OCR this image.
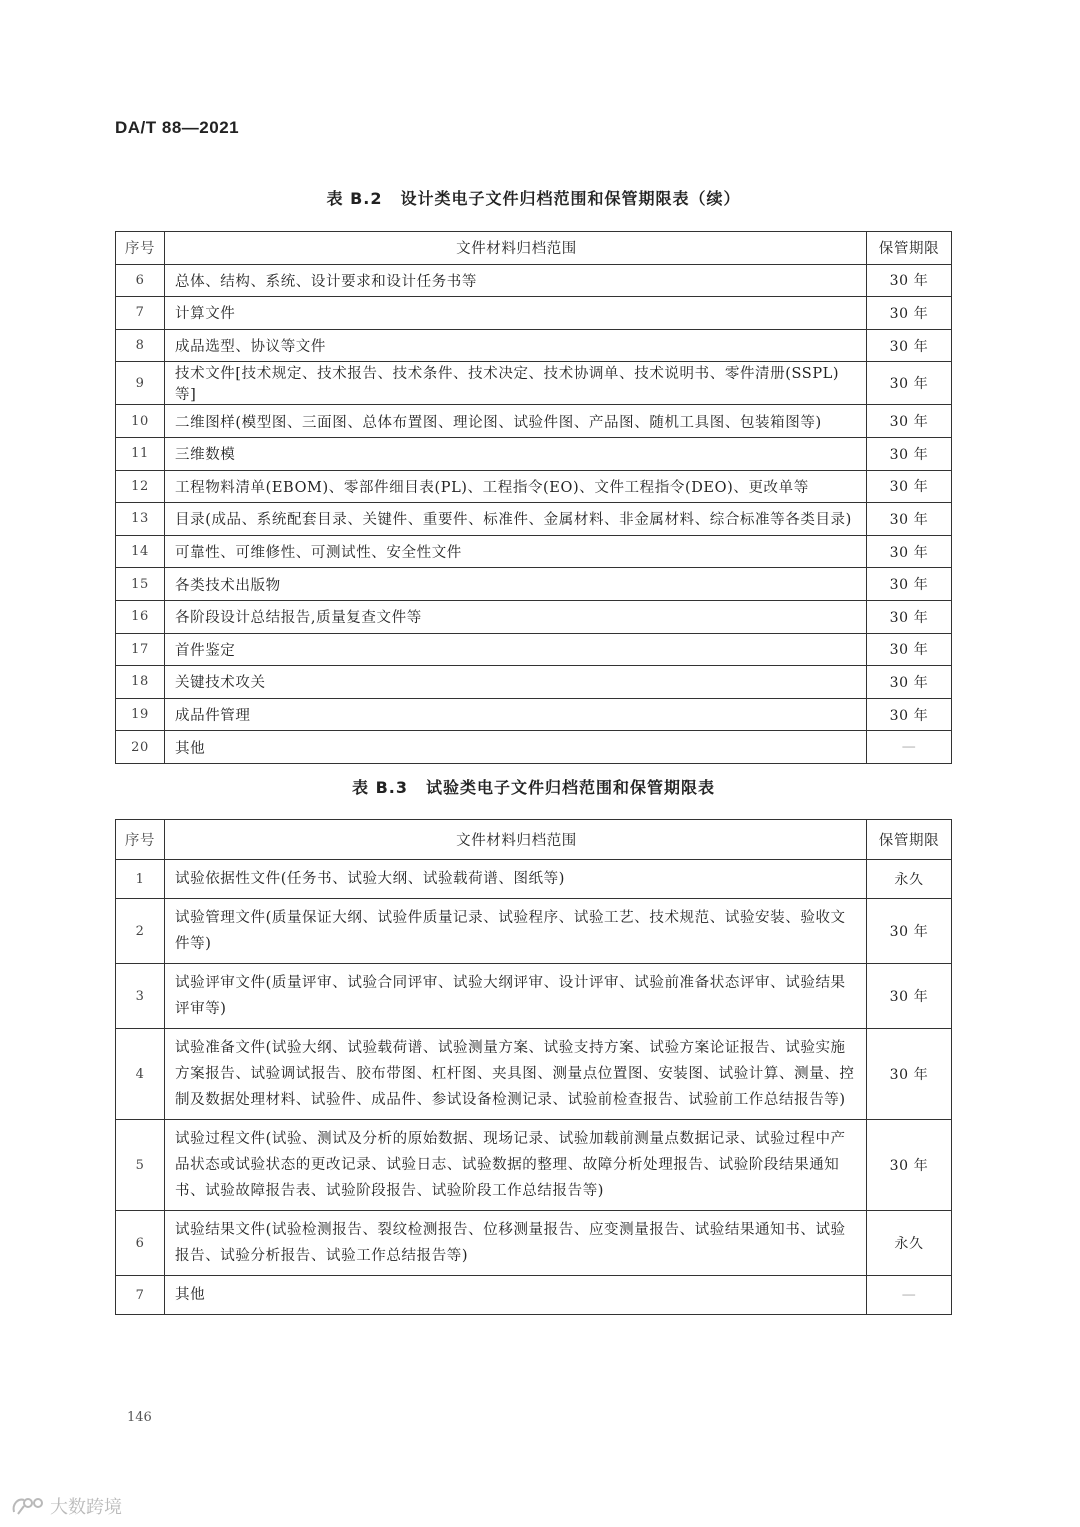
DA/T 88—2021
表 B.2 设计类电子文件归档范围和保管期限表（续）
序号	文件材料归档范围	保管期限
6	总体、结构、系统、设计要求和设计任务书等	30 年
7	计算文件	30 年
8	成品选型、协议等文件	30 年
9	技术文件[技术规定、技术报告、技术条件、技术决定、技术协调单、技术说明书、零件清册(SSPL)等]	30 年
10	二维图样(模型图、三面图、总体布置图、理论图、试验件图、产品图、随机工具图、包装箱图等)	30 年
11	三维数模	30 年
12	工程物料清单(EBOM)、零部件细目表(PL)、工程指令(EO)、文件工程指令(DEO)、更改单等	30 年
13	目录(成品、系统配套目录、关键件、重要件、标准件、金属材料、非金属材料、综合标准等各类目录)	30 年
14	可靠性、可维修性、可测试性、安全性文件	30 年
15	各类技术出版物	30 年
16	各阶段设计总结报告,质量复查文件等	30 年
17	首件鉴定	30 年
18	关键技术攻关	30 年
19	成品件管理	30 年
20	其他	—
表 B.3 试验类电子文件归档范围和保管期限表
序号	文件材料归档范围	保管期限
1	试验依据性文件(任务书、试验大纲、试验载荷谱、图纸等)	永久
2	试验管理文件(质量保证大纲、试验件质量记录、试验程序、试验工艺、技术规范、试验安装、验收文件等)	30 年
3	试验评审文件(质量评审、试验合同评审、试验大纲评审、设计评审、试验前准备状态评审、试验结果评审等)	30 年
4	试验准备文件(试验大纲、试验载荷谱、试验测量方案、试验支持方案、试验方案论证报告、试验实施方案报告、试验调试报告、胶布带图、杠杆图、夹具图、测量点位置图、安装图、试验计算、测量、控制及数据处理材料、试验件、成品件、参试设备检测记录、试验前检查报告、试验前工作总结报告等)	30 年
5	试验过程文件(试验、测试及分析的原始数据、现场记录、试验加载前测量点数据记录、试验过程中产品状态或试验状态的更改记录、试验日志、试验数据的整理、故障分析处理报告、试验阶段结果通知书、试验故障报告表、试验阶段报告、试验阶段工作总结报告等)	30 年
6	试验结果文件(试验检测报告、裂纹检测报告、位移测量报告、应变测量报告、试验结果通知书、试验报告、试验分析报告、试验工作总结报告等)	永久
7	其他	—
146
大数跨境
